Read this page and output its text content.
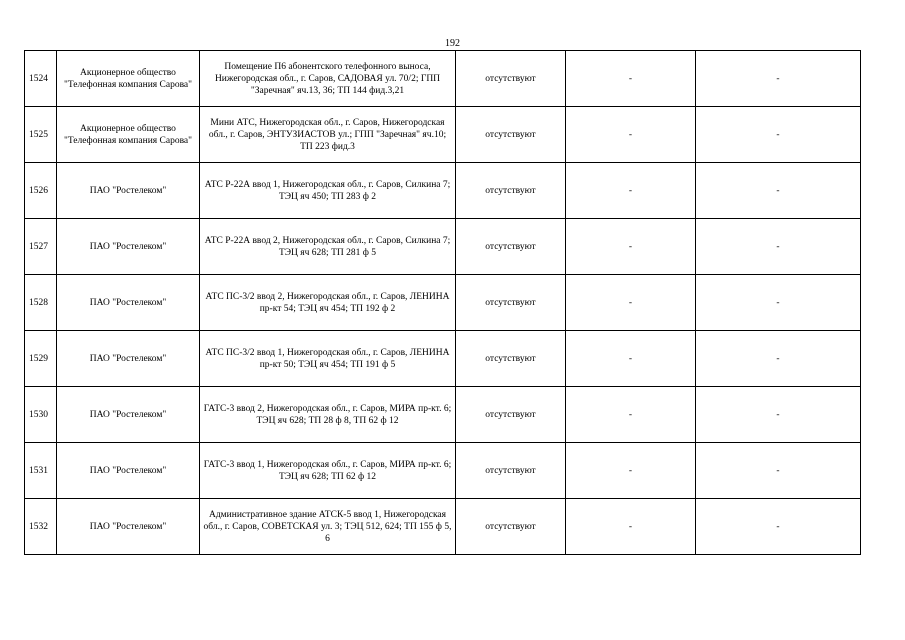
192
1524	Акционерное общество "Телефонная компания Сарова"	Помещение П6 абонентского телефонного выноса, Нижегородская обл., г. Саров, САДОВАЯ ул. 70/2; ГПП "Заречная" яч.13, 36; ТП 144 фид.3,21	отсутствуют	-	-
1525	Акционерное общество "Телефонная компания Сарова"	Мини АТС, Нижегородская обл., г. Саров, Нижегородская обл., г. Саров, ЭНТУЗИАСТОВ ул.; ГПП "Заречная" яч.10; ТП 223 фид.3	отсутствуют	-	-
1526	ПАО "Ростелеком"	АТС Р-22А ввод 1, Нижегородская обл., г. Саров, Силкина 7; ТЭЦ яч 450; ТП 283 ф 2	отсутствуют	-	-
1527	ПАО "Ростелеком"	АТС Р-22А ввод 2, Нижегородская обл., г. Саров, Силкина 7; ТЭЦ яч 628; ТП 281 ф 5	отсутствуют	-	-
1528	ПАО "Ростелеком"	АТС ПС-3/2 ввод 2, Нижегородская обл., г. Саров, ЛЕНИНА пр-кт 54; ТЭЦ яч 454; ТП 192 ф 2	отсутствуют	-	-
1529	ПАО "Ростелеком"	АТС ПС-3/2 ввод 1, Нижегородская обл., г. Саров, ЛЕНИНА пр-кт 50; ТЭЦ яч 454; ТП 191 ф 5	отсутствуют	-	-
1530	ПАО "Ростелеком"	ГАТС-3 ввод 2, Нижегородская обл., г. Саров, МИРА пр-кт. 6; ТЭЦ яч 628; ТП 28 ф 8, ТП 62 ф 12	отсутствуют	-	-
1531	ПАО "Ростелеком"	ГАТС-3 ввод 1, Нижегородская обл., г. Саров, МИРА пр-кт. 6; ТЭЦ яч 628; ТП 62 ф 12	отсутствуют	-	-
1532	ПАО "Ростелеком"	Административное здание АТСК-5 ввод 1, Нижегородская обл., г. Саров, СОВЕТСКАЯ ул. 3; ТЭЦ 512, 624; ТП 155 ф 5, 6	отсутствуют	-	-
